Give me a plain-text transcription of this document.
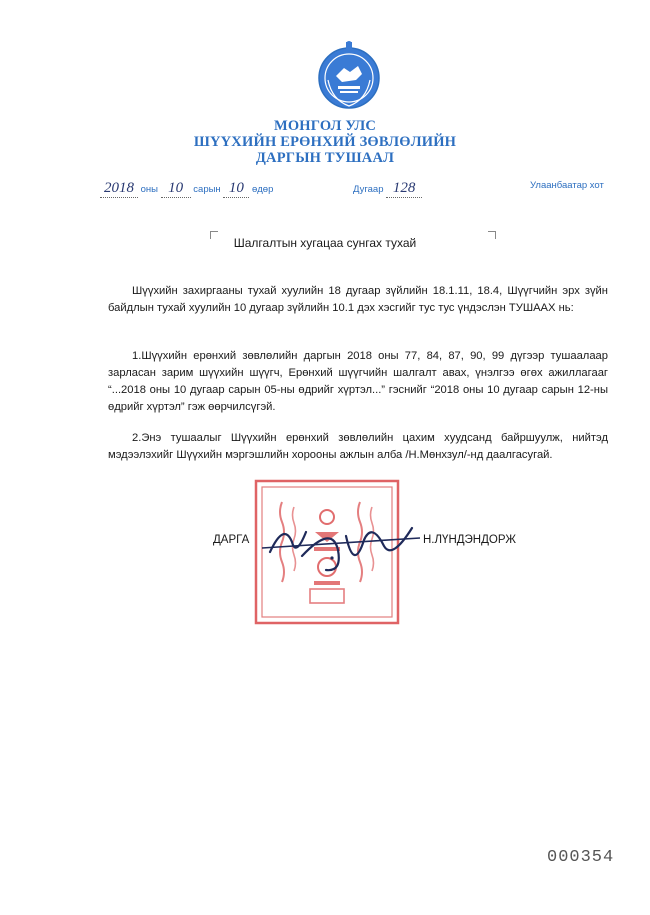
МОНГОЛ УЛС
ШҮҮХИЙН ЕРӨНХИЙ ЗӨВЛӨЛИЙН
ДАРГЫН ТУШААЛ
2018 оны 10 сарын 10 өдөр	Дугаар 128	Улаанбаатар хот
Шалгалтын хугацаа сунгах тухай
Шүүхийн захиргааны тухай хуулийн 18 дугаар зүйлийн 18.1.11, 18.4, Шүүгчийн эрх зүйн байдлын тухай хуулийн 10 дугаар зүйлийн 10.1 дэх хэсгийг тус тус үндэслэн ТУШААХ нь:
1.Шүүхийн ерөнхий зөвлөлийн даргын 2018 оны 77, 84, 87, 90, 99 дүгээр тушаалаар зарласан зарим шүүхийн шүүгч, Ерөнхий шүүгчийн шалгалт авах, үнэлгээ өгөх ажиллагааг “...2018 оны 10 дугаар сарын 05-ны өдрийг хүртэл...” гэснийг “2018 оны 10 дугаар сарын 12-ны өдрийг хүртэл” гэж өөрчилсүгэй.
2.Энэ тушаалыг Шүүхийн ерөнхий зөвлөлийн цахим хуудсанд байршуулж, нийтэд мэдээлэхийг Шүүхийн мэргэшлийн хорооны ажлын алба /Н.Мөнхзул/-нд даалгасугай.
ДАРГА	Н.ЛҮНДЭНДОРЖ
000354
